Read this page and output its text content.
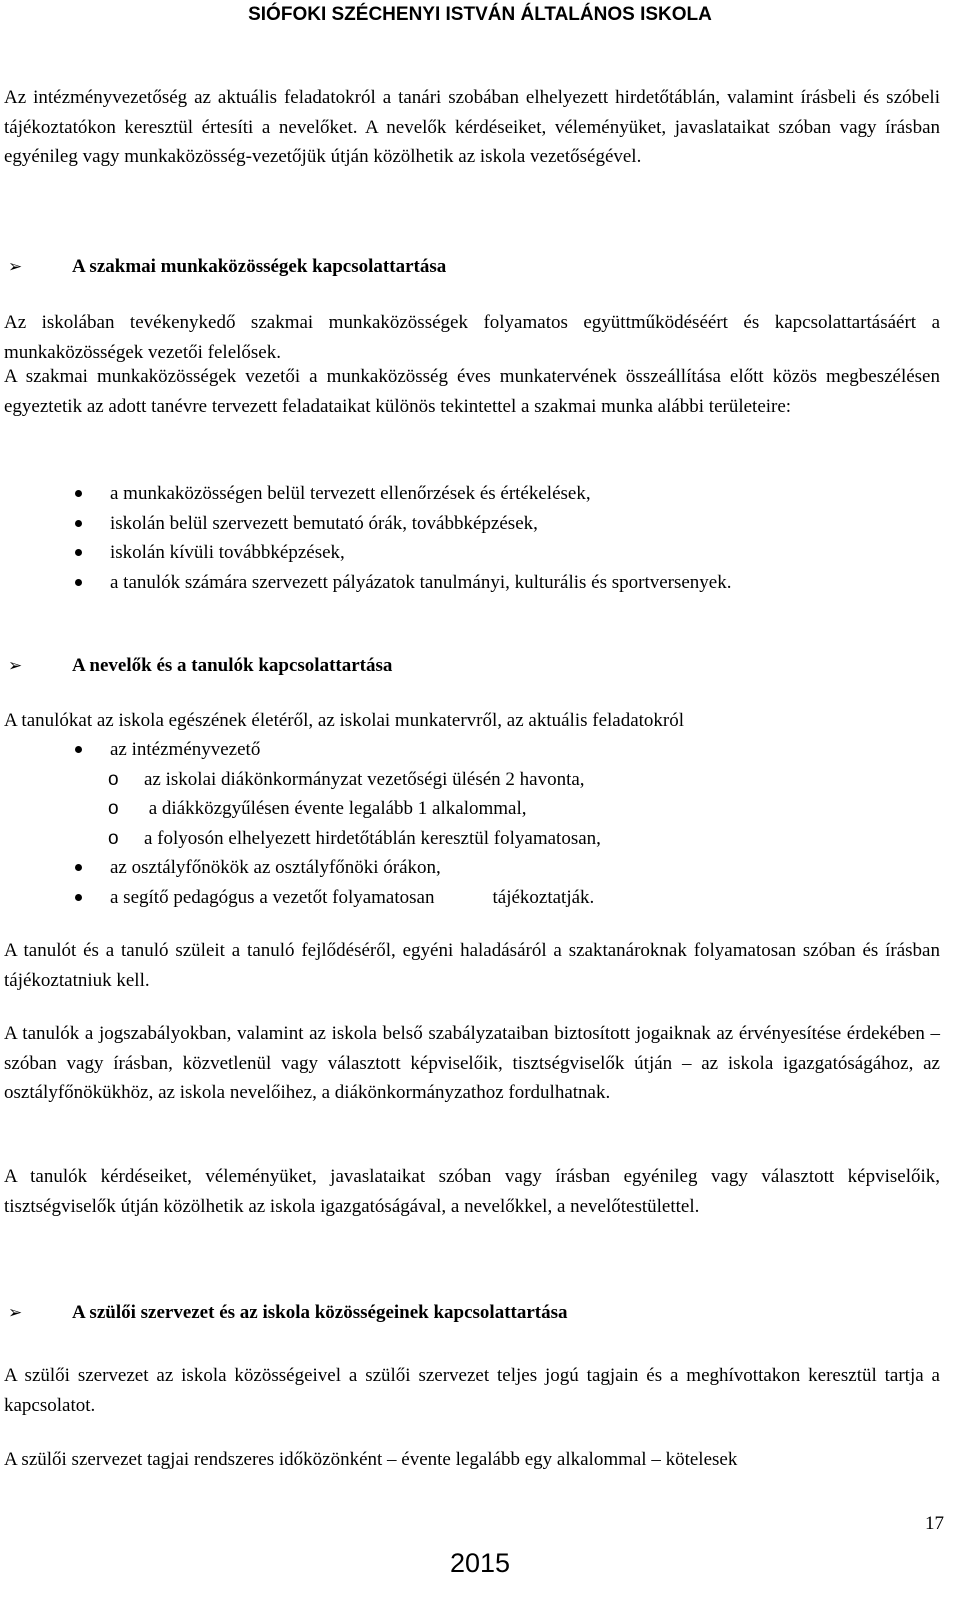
SIÓFOKI SZÉCHENYI ISTVÁN ÁLTALÁNOS ISKOLA
Az intézményvezetőség az aktuális feladatokról a tanári szobában elhelyezett hirdetőtáblán, valamint írásbeli és szóbeli tájékoztatókon keresztül értesíti a nevelőket. A nevelők kérdéseiket, véleményüket, javaslataikat szóban vagy írásban egyénileg vagy munkaközösség-vezetőjük útján közölhetik az iskola vezetőségével.
➢	A szakmai munkaközösségek kapcsolattartása
Az iskolában tevékenykedő szakmai munkaközösségek folyamatos együttműködéséért és kapcsolattartásáért a munkaközösségek vezetői felelősek.
A szakmai munkaközösségek vezetői a munkaközösség éves munkatervének összeállítása előtt közös megbeszélésen egyeztetik az adott tanévre tervezett feladataikat különös tekintettel a szakmai munka alábbi területeire:
a munkaközösségen belül tervezett ellenőrzések és értékelések,
iskolán belül szervezett bemutató órák, továbbképzések,
iskolán kívüli továbbképzések,
a tanulók számára szervezett pályázatok tanulmányi, kulturális és sportversenyek.
➢	A nevelők és a tanulók kapcsolattartása
A tanulókat az iskola egészének életéről, az iskolai munkatervről, az aktuális feladatokról
az intézményvezető
o az iskolai diákönkormányzat vezetőségi ülésén 2 havonta,
o a diákközgyűlésen évente legalább 1 alkalommal,
o a folyosón elhelyezett hirdetőtáblán keresztül folyamatosan,
az osztályfőnökök az osztályfőnöki órákon,
a segítő pedagógus a vezetőt folyamatosan	tájékoztatják.
A tanulót és a tanuló szüleit a tanuló fejlődéséről, egyéni haladásáról a szaktanároknak folyamatosan szóban és írásban tájékoztatniuk kell.
A tanulók a jogszabályokban, valamint az iskola belső szabályzataiban biztosított jogaiknak az érvényesítése érdekében – szóban vagy írásban, közvetlenül vagy választott képviselőik, tisztségviselők útján – az iskola igazgatóságához, az osztályfőnökükhöz, az iskola nevelőihez, a diákönkormányzathoz fordulhatnak.
A tanulók kérdéseiket, véleményüket, javaslataikat szóban vagy írásban egyénileg vagy választott képviselőik, tisztségviselők útján közölhetik az iskola igazgatóságával, a nevelőkkel, a nevelőtestülettel.
➢	A szülői szervezet és az iskola közösségeinek kapcsolattartása
A szülői szervezet az iskola közösségeivel a szülői szervezet teljes jogú tagjain és a meghívottakon keresztül tartja a kapcsolatot.
A szülői szervezet tagjai rendszeres időközönként – évente legalább egy alkalommal – kötelesek
17
2015
